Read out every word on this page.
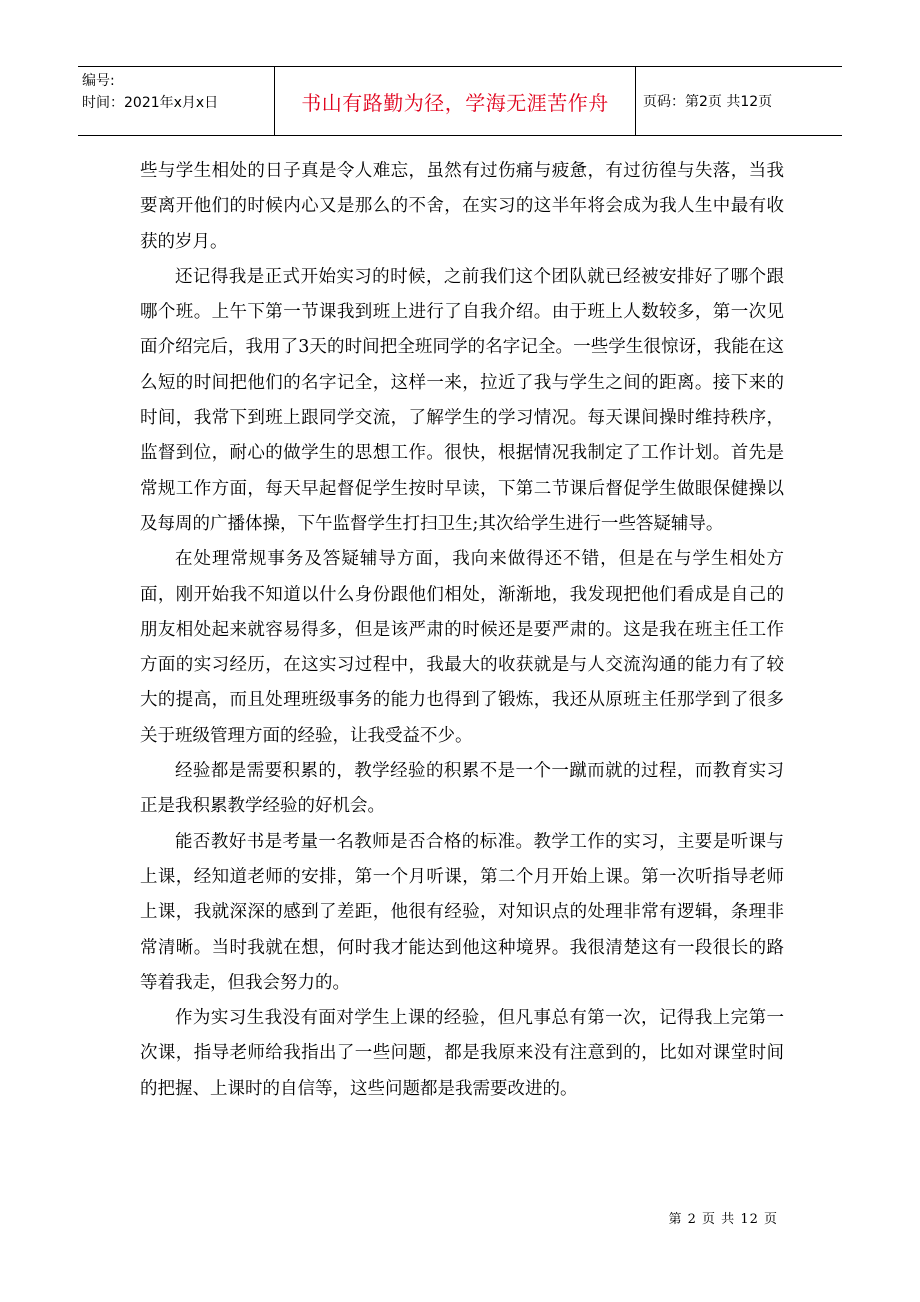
编号:
时间：2021年x月x日	书山有路勤为径，学海无涯苦作舟	页码：第2页 共12页

些与学生相处的日子真是令人难忘，虽然有过伤痛与疲惫，有过彷徨与失落，当我要离开他们的时候内心又是那么的不舍，在实习的这半年将会成为我人生中最有收获的岁月。

还记得我是正式开始实习的时候，之前我们这个团队就已经被安排好了哪个跟哪个班。上午下第一节课我到班上进行了自我介绍。由于班上人数较多，第一次见面介绍完后，我用了3天的时间把全班同学的名字记全。一些学生很惊讶，我能在这么短的时间把他们的名字记全，这样一来，拉近了我与学生之间的距离。接下来的时间，我常下到班上跟同学交流，了解学生的学习情况。每天课间操时维持秩序，监督到位，耐心的做学生的思想工作。很快，根据情况我制定了工作计划。首先是常规工作方面，每天早起督促学生按时早读，下第二节课后督促学生做眼保健操以及每周的广播体操，下午监督学生打扫卫生;其次给学生进行一些答疑辅导。

在处理常规事务及答疑辅导方面，我向来做得还不错，但是在与学生相处方面，刚开始我不知道以什么身份跟他们相处，渐渐地，我发现把他们看成是自己的朋友相处起来就容易得多，但是该严肃的时候还是要严肃的。这是我在班主任工作方面的实习经历，在这实习过程中，我最大的收获就是与人交流沟通的能力有了较大的提高，而且处理班级事务的能力也得到了锻炼，我还从原班主任那学到了很多关于班级管理方面的经验，让我受益不少。

经验都是需要积累的，教学经验的积累不是一个一蹴而就的过程，而教育实习正是我积累教学经验的好机会。

能否教好书是考量一名教师是否合格的标准。教学工作的实习，主要是听课与上课，经知道老师的安排，第一个月听课，第二个月开始上课。第一次听指导老师上课，我就深深的感到了差距，他很有经验，对知识点的处理非常有逻辑，条理非常清晰。当时我就在想，何时我才能达到他这种境界。我很清楚这有一段很长的路等着我走，但我会努力的。

作为实习生我没有面对学生上课的经验，但凡事总有第一次，记得我上完第一次课，指导老师给我指出了一些问题，都是我原来没有注意到的，比如对课堂时间的把握、上课时的自信等，这些问题都是我需要改进的。

第 2 页 共 12 页
